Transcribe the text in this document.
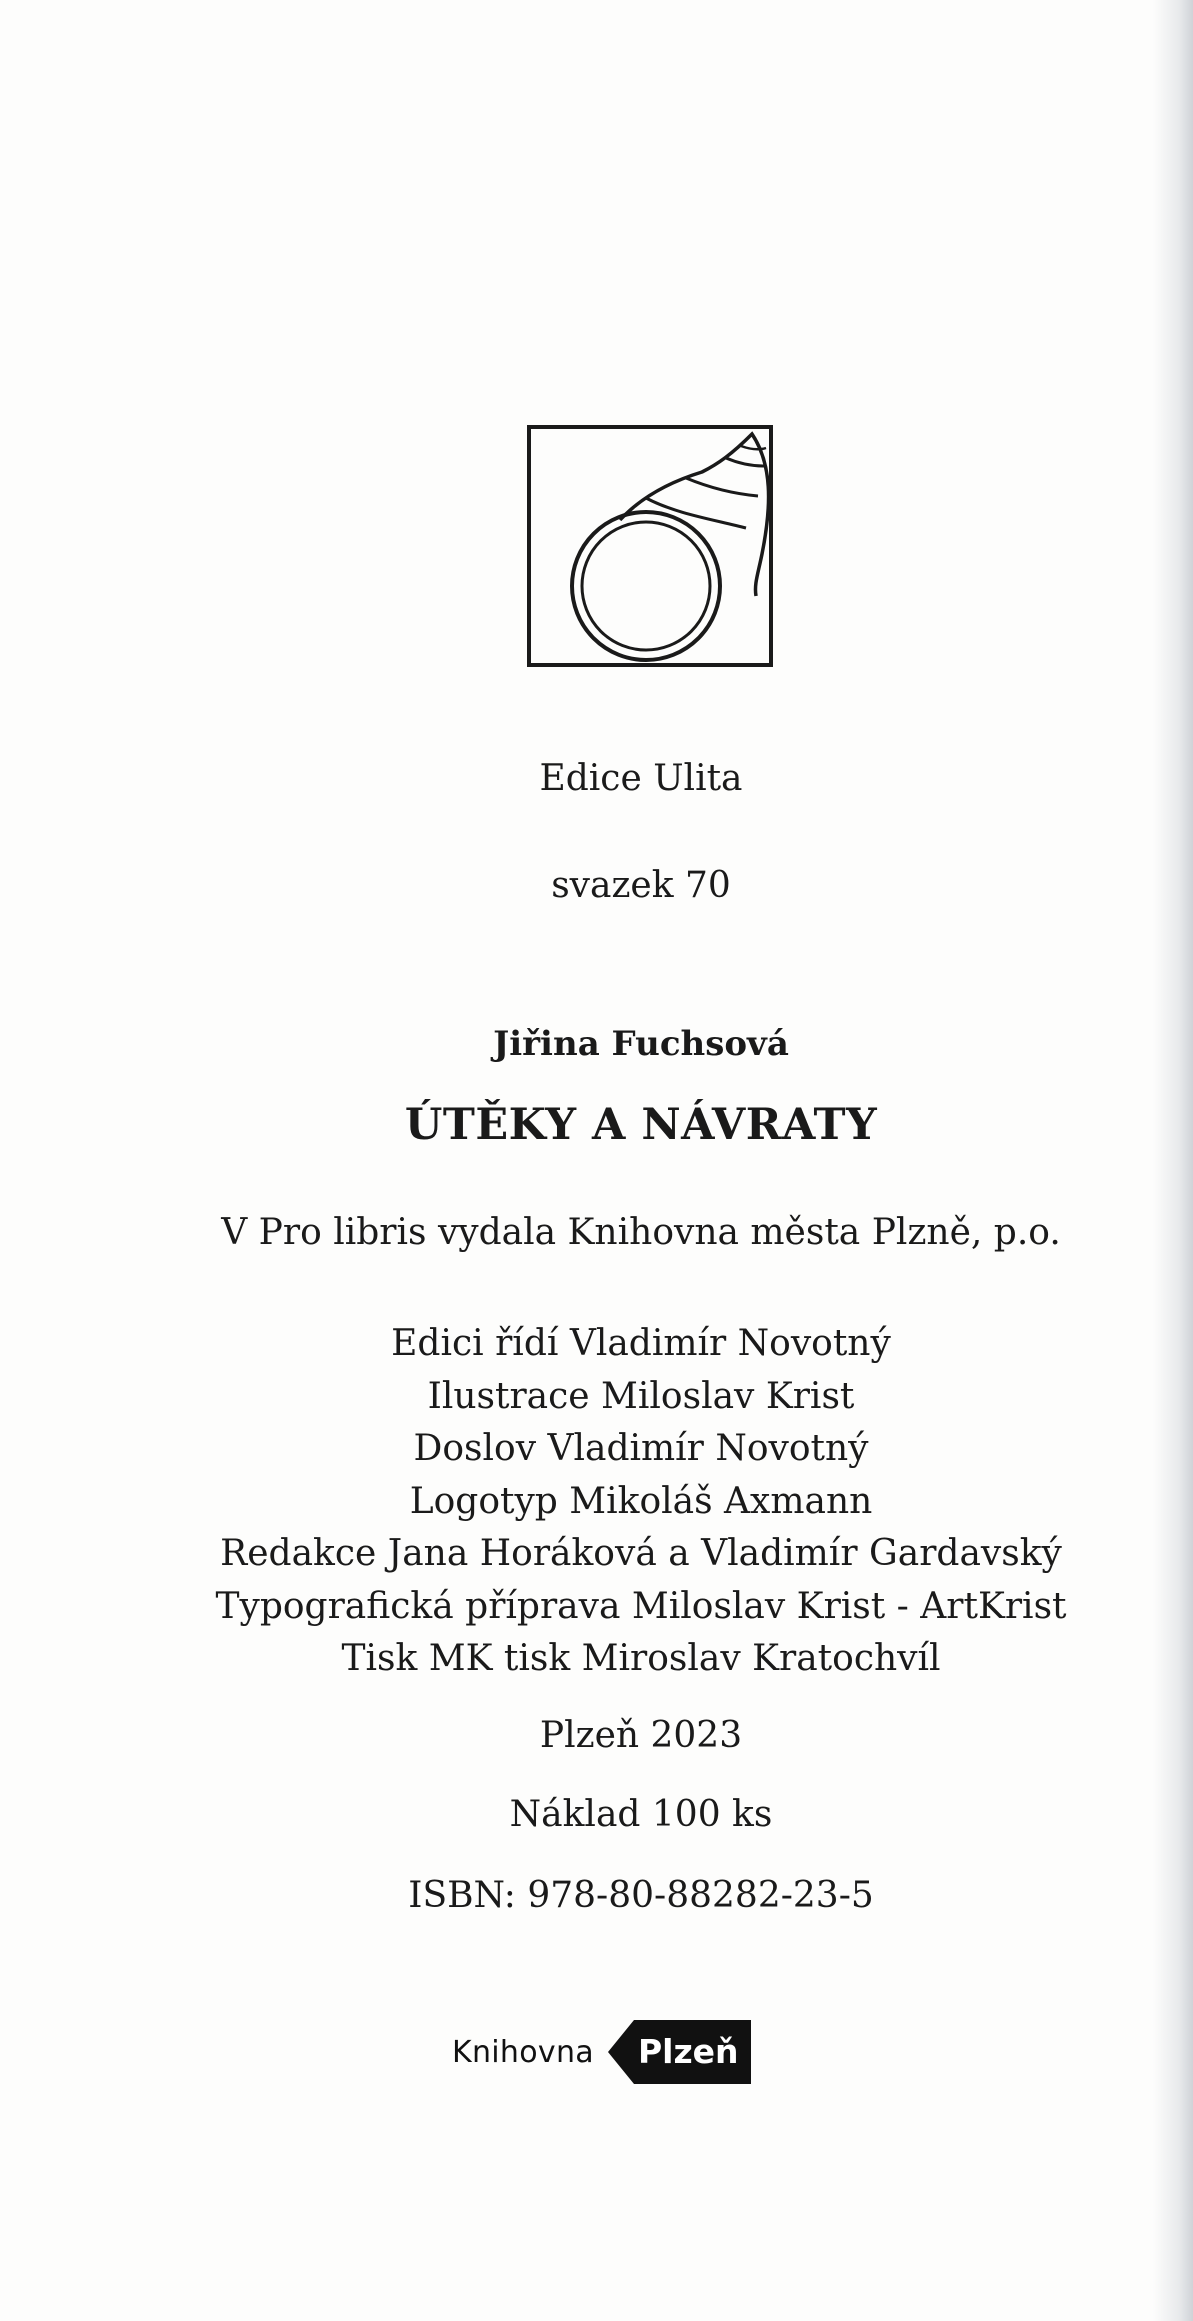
Edice Ulita
svazek 70
Jiřina Fuchsová
ÚTĚKY A NÁVRATY
V Pro libris vydala Knihovna města Plzně, p.o.
Edici řídí Vladimír Novotný
Ilustrace Miloslav Krist
Doslov Vladimír Novotný
Logotyp Mikoláš Axmann
Redakce Jana Horáková a Vladimír Gardavský
Typografická příprava Miloslav Krist - ArtKrist
Tisk MK tisk Miroslav Kratochvíl
Plzeň 2023
Náklad 100 ks
ISBN: 978-80-88282-23-5
Knihovna Plzeň
